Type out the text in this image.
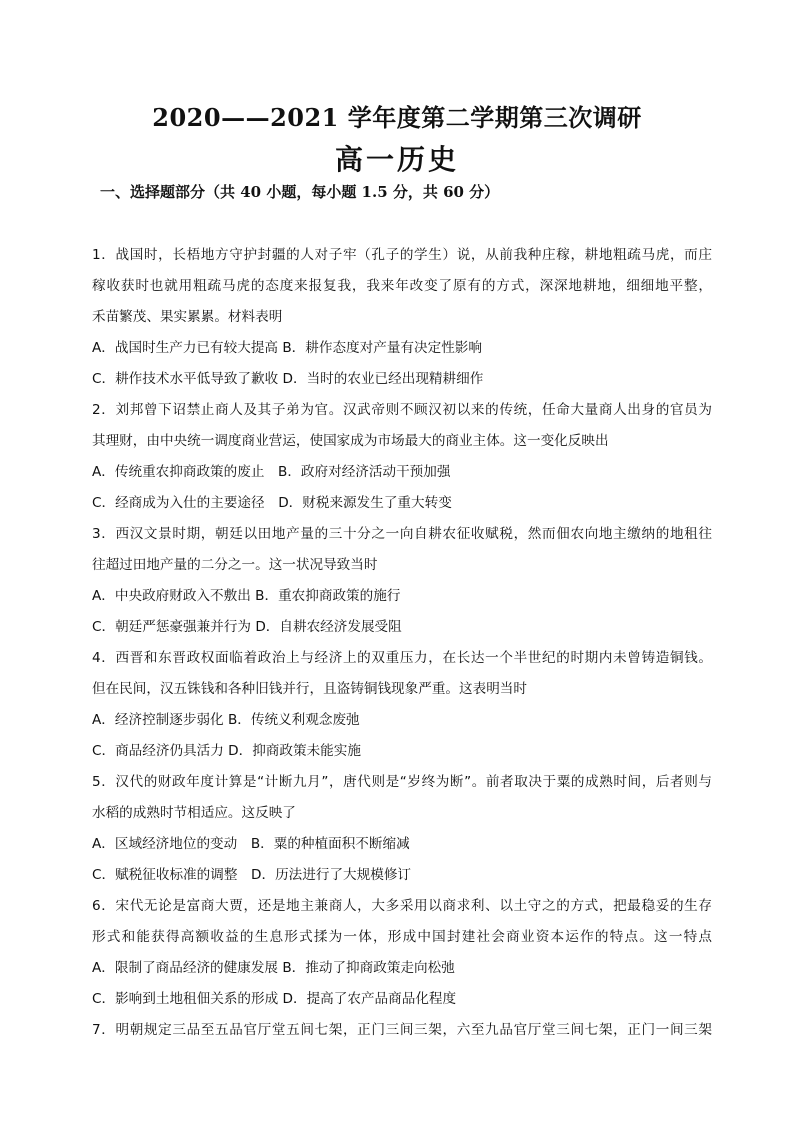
2020——2021 学年度第二学期第三次调研
高一历史

一、选择题部分（共 40 小题，每小题 1.5 分，共 60 分）

1．战国时，长梧地方守护封疆的人对子牢（孔子的学生）说，从前我种庄稼，耕地粗疏马虎，而庄

稼收获时也就用粗疏马虎的态度来报复我，我来年改变了原有的方式，深深地耕地，细细地平整，

禾苗繁茂、果实累累。材料表明

A．战国时生产力已有较大提高 B．耕作态度对产量有决定性影响

C．耕作技术水平低导致了歉收 D．当时的农业已经出现精耕细作

2．刘邦曾下诏禁止商人及其子弟为官。汉武帝则不顾汉初以来的传统，任命大量商人出身的官员为

其理财，由中央统一调度商业营运，使国家成为市场最大的商业主体。这一变化反映出

A．传统重农抑商政策的废止　B．政府对经济活动干预加强

C．经商成为入仕的主要途径　D．财税来源发生了重大转变

3．西汉文景时期，朝廷以田地产量的三十分之一向自耕农征收赋税，然而佃农向地主缴纳的地租往

往超过田地产量的二分之一。这一状况导致当时

A．中央政府财政入不敷出 B．重农抑商政策的施行

C．朝廷严惩豪强兼并行为 D．自耕农经济发展受阻

4．西晋和东晋政权面临着政治上与经济上的双重压力，在长达一个半世纪的时期内未曾铸造铜钱。

但在民间，汉五铢钱和各种旧钱并行，且盗铸铜钱现象严重。这表明当时

A．经济控制逐步弱化 B．传统义利观念废弛

C．商品经济仍具活力 D．抑商政策未能实施

5．汉代的财政年度计算是“计断九月”，唐代则是“岁终为断”。前者取决于粟的成熟时间，后者则与

水稻的成熟时节相适应。这反映了

A．区域经济地位的变动　B．粟的种植面积不断缩减

C．赋税征收标准的调整　D．历法进行了大规模修订

6．宋代无论是富商大贾，还是地主兼商人，大多采用以商求利、以土守之的方式，把最稳妥的生存

形式和能获得高额收益的生息形式揉为一体，形成中国封建社会商业资本运作的特点。这一特点

A．限制了商品经济的健康发展 B．推动了抑商政策走向松弛

C．影响到土地租佃关系的形成 D．提高了农产品商品化程度

7．明朝规定三品至五品官厅堂五间七架，正门三间三架，六至九品官厅堂三间七架，正门一间三架
